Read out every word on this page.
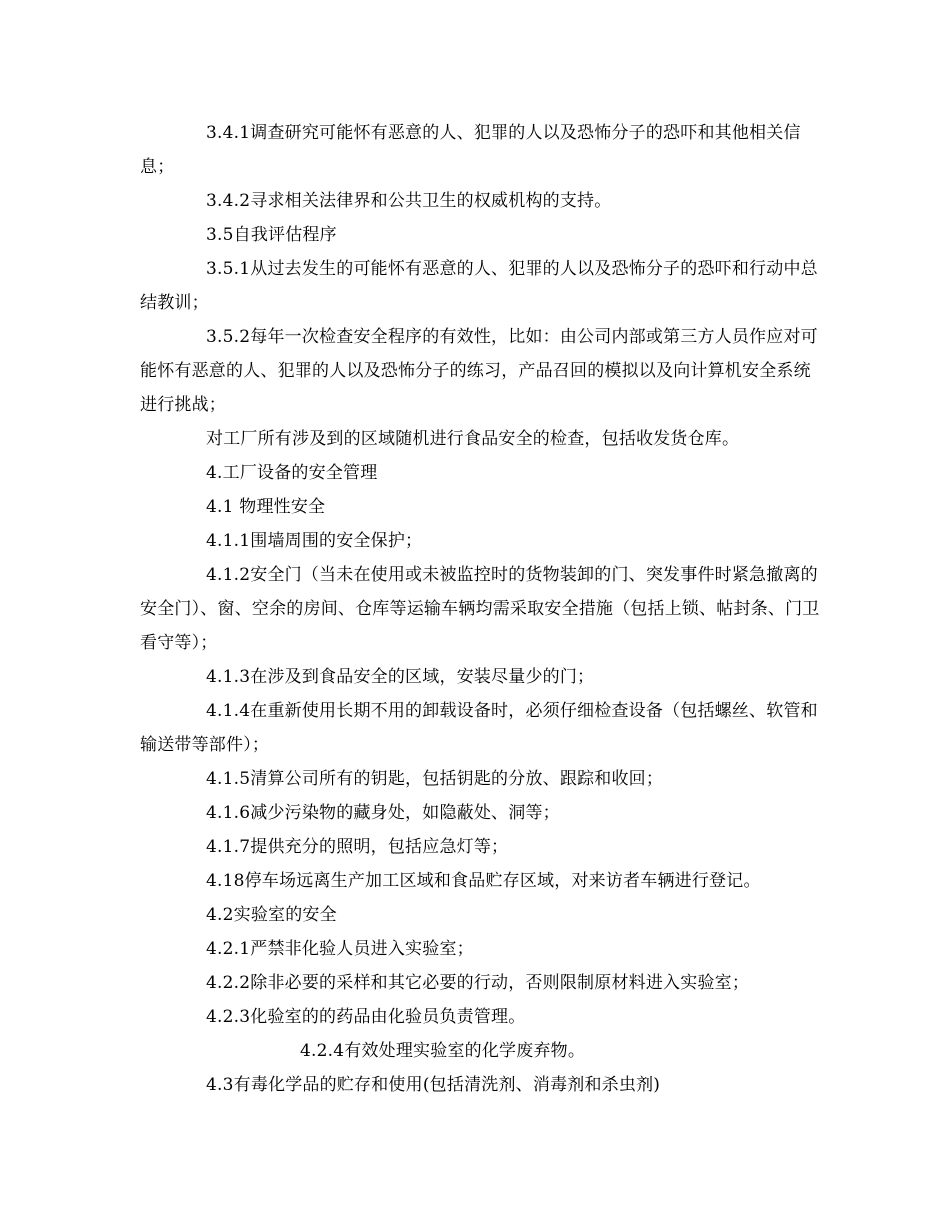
3.4.1调查研究可能怀有恶意的人、犯罪的人以及恐怖分子的恐吓和其他相关信息；

3.4.2寻求相关法律界和公共卫生的权威机构的支持。

3.5自我评估程序

3.5.1从过去发生的可能怀有恶意的人、犯罪的人以及恐怖分子的恐吓和行动中总结教训；

3.5.2每年一次检查安全程序的有效性，比如：由公司内部或第三方人员作应对可能怀有恶意的人、犯罪的人以及恐怖分子的练习，产品召回的模拟以及向计算机安全系统进行挑战；

对工厂所有涉及到的区域随机进行食品安全的检查，包括收发货仓库。

4.工厂设备的安全管理

4.1 物理性安全

4.1.1围墙周围的安全保护；

4.1.2安全门（当未在使用或未被监控时的货物装卸的门、突发事件时紧急撤离的安全门）、窗、空余的房间、仓库等运输车辆均需采取安全措施（包括上锁、帖封条、门卫看守等）；

4.1.3在涉及到食品安全的区域，安装尽量少的门；

4.1.4在重新使用长期不用的卸载设备时，必须仔细检查设备（包括螺丝、软管和输送带等部件）；

4.1.5清算公司所有的钥匙，包括钥匙的分放、跟踪和收回；

4.1.6减少污染物的藏身处，如隐蔽处、洞等；

4.1.7提供充分的照明，包括应急灯等；

4.18停车场远离生产加工区域和食品贮存区域，对来访者车辆进行登记。

4.2实验室的安全

4.2.1严禁非化验人员进入实验室；

4.2.2除非必要的采样和其它必要的行动，否则限制原材料进入实验室；

4.2.3化验室的的药品由化验员负责管理。

4.2.4有效处理实验室的化学废弃物。

4.3有毒化学品的贮存和使用(包括清洗剂、消毒剂和杀虫剂)
